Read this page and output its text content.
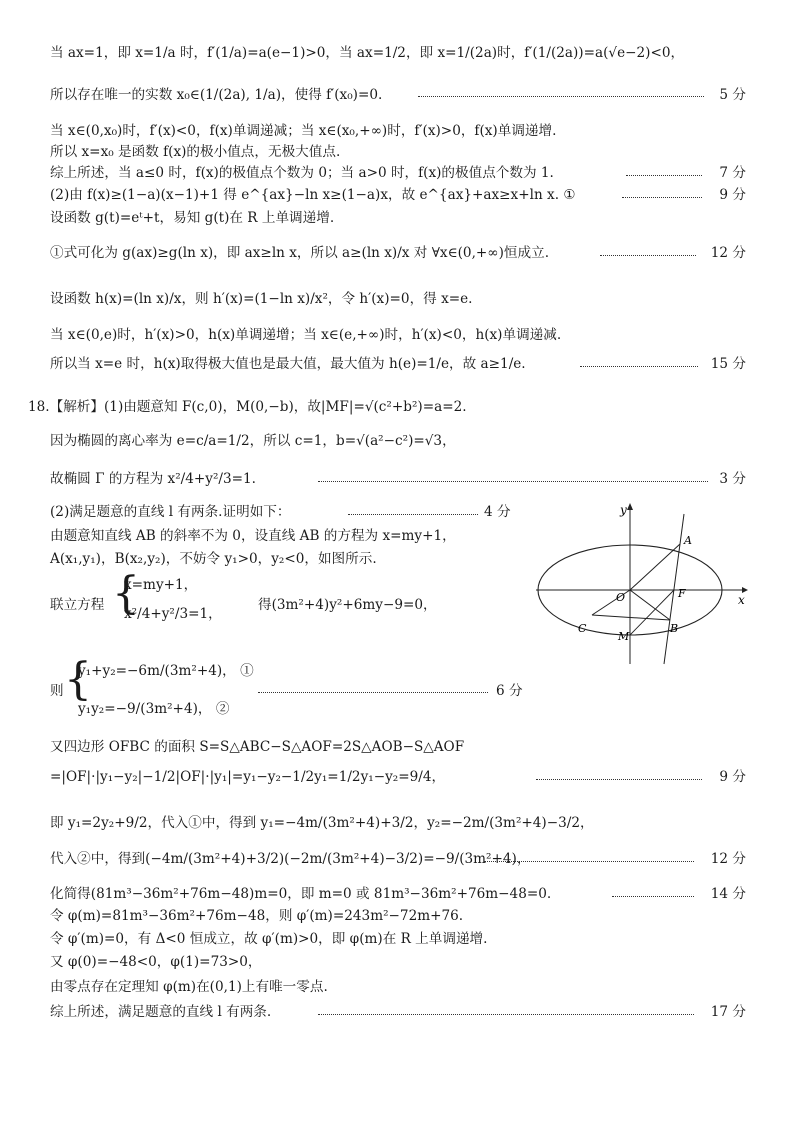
当 ax=1，即 x=1/a 时，f′(1/a)=a(e−1)>0，当 ax=1/2，即 x=1/(2a)时，f′(1/(2a))=a(√e−2)<0，
所以存在唯一的实数 x₀∈(1/(2a), 1/a)，使得 f′(x₀)=0.	5 分
当 x∈(0,x₀)时，f′(x)<0，f(x)单调递减；当 x∈(x₀,+∞)时，f′(x)>0，f(x)单调递增.
所以 x=x₀ 是函数 f(x)的极小值点，无极大值点.
综上所述，当 a≤0 时，f(x)的极值点个数为 0；当 a>0 时，f(x)的极值点个数为 1.	7 分
(2)由 f(x)≥(1−a)(x−1)+1 得 e^{ax}−ln x≥(1−a)x，故 e^{ax}+ax≥x+ln x. ①	9 分
设函数 g(t)=eᵗ+t，易知 g(t)在 R 上单调递增.
①式可化为 g(ax)≥g(ln x)，即 ax≥ln x，所以 a≥(ln x)/x 对 ∀x∈(0,+∞)恒成立.	12 分
设函数 h(x)=(ln x)/x，则 h′(x)=(1−ln x)/x²，令 h′(x)=0，得 x=e.
当 x∈(0,e)时，h′(x)>0，h(x)单调递增；当 x∈(e,+∞)时，h′(x)<0，h(x)单调递减.
所以当 x=e 时，h(x)取得极大值也是最大值，最大值为 h(e)=1/e，故 a≥1/e.	15 分
18.【解析】(1)由题意知 F(c,0)，M(0,−b)，故|MF|=√(c²+b²)=a=2.
因为椭圆的离心率为 e=c/a=1/2，所以 c=1，b=√(a²−c²)=√3，
故椭圆 Γ 的方程为 x²/4+y²/3=1.	3 分
(2)满足题意的直线 l 有两条.证明如下：	4 分
由题意知直线 AB 的斜率不为 0，设直线 AB 的方程为 x=my+1，
A(x₁,y₁)，B(x₂,y₂)，不妨令 y₁>0，y₂<0，如图所示.
联立方程 {
x=my+1，
x²/4+y²/3=1，
得(3m²+4)y²+6my−9=0，
则 {
y₁+y₂=−6m/(3m²+4)， ①
y₁y₂=−9/(3m²+4)， ②
6 分
又四边形 OFBC 的面积 S=S△ABC−S△AOF=2S△AOB−S△AOF
=|OF|·|y₁−y₂|−1/2|OF|·|y₁|=y₁−y₂−1/2y₁=1/2y₁−y₂=9/4，	9 分
即 y₁=2y₂+9/2，代入①中，得到 y₁=−4m/(3m²+4)+3/2，y₂=−2m/(3m²+4)−3/2，
代入②中，得到(−4m/(3m²+4)+3/2)(−2m/(3m²+4)−3/2)=−9/(3m²+4)，	12 分
化简得(81m³−36m²+76m−48)m=0，即 m=0 或 81m³−36m²+76m−48=0.	14 分
令 φ(m)=81m³−36m²+76m−48，则 φ′(m)=243m²−72m+76.
令 φ′(m)=0，有 Δ<0 恒成立，故 φ′(m)>0，即 φ(m)在 R 上单调递增.
又 φ(0)=−48<0，φ(1)=73>0，
由零点存在定理知 φ(m)在(0,1)上有唯一零点.
综上所述，满足题意的直线 l 有两条.	17 分
x
y
A
B
C
F
M
O
